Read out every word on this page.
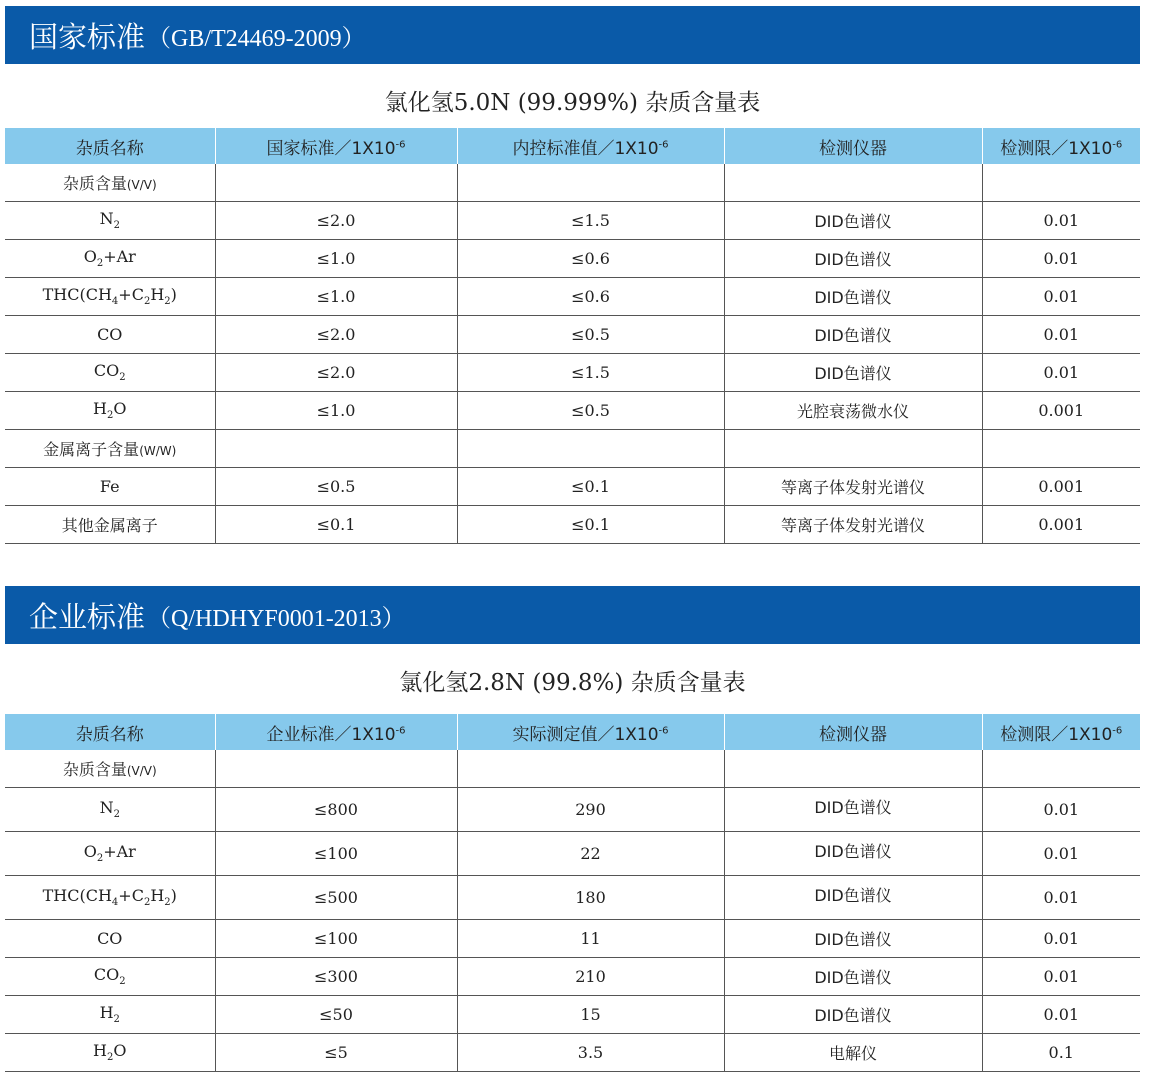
国家标准 （GB/T24469-2009）
氯化氢5.0N (99.999%) 杂质含量表
杂质名称	国家标准$/1X10^{-6}$	内控标准值$/1X10^{-6}$	检测仪器	检测限$/1X10^{-6}$
杂质含量(V/V)				
$N_2$	≤2.0	≤1.5	DID色谱仪	0.01
$O_2+Ar$	≤1.0	≤0.6	DID色谱仪	0.01
$THC(CH_4+C_2H_2)$	≤1.0	≤0.6	DID色谱仪	0.01
CO	≤2.0	≤0.5	DID色谱仪	0.01
$CO_2$	≤2.0	≤1.5	DID色谱仪	0.01
$H_2O$	≤1.0	≤0.5	光腔衰荡微水仪	0.001
金属离子含量(W/W)				
Fe	≤0.5	≤0.1	等离子体发射光谱仪	0.001
其他金属离子	≤0.1	≤0.1	等离子体发射光谱仪	0.001
企业标准 （Q/HDHYF0001-2013）
氯化氢2.8N (99.8%) 杂质含量表
杂质名称	企业标准$/1X10^{-6}$	实际测定值$/1X10^{-6}$	检测仪器	检测限$/1X10^{-6}$
杂质含量(V/V)				
$N_2$	≤800	290	DID色谱仪	0.01
$O_2+Ar$	≤100	22	DID色谱仪	0.01
$THC(CH_4+C_2H_2)$	≤500	180	DID色谱仪	0.01
CO	≤100	11	DID色谱仪	0.01
$CO_2$	≤300	210	DID色谱仪	0.01
$H_2$	≤50	15	DID色谱仪	0.01
$H_2O$	≤5	3.5	电解仪	0.1
